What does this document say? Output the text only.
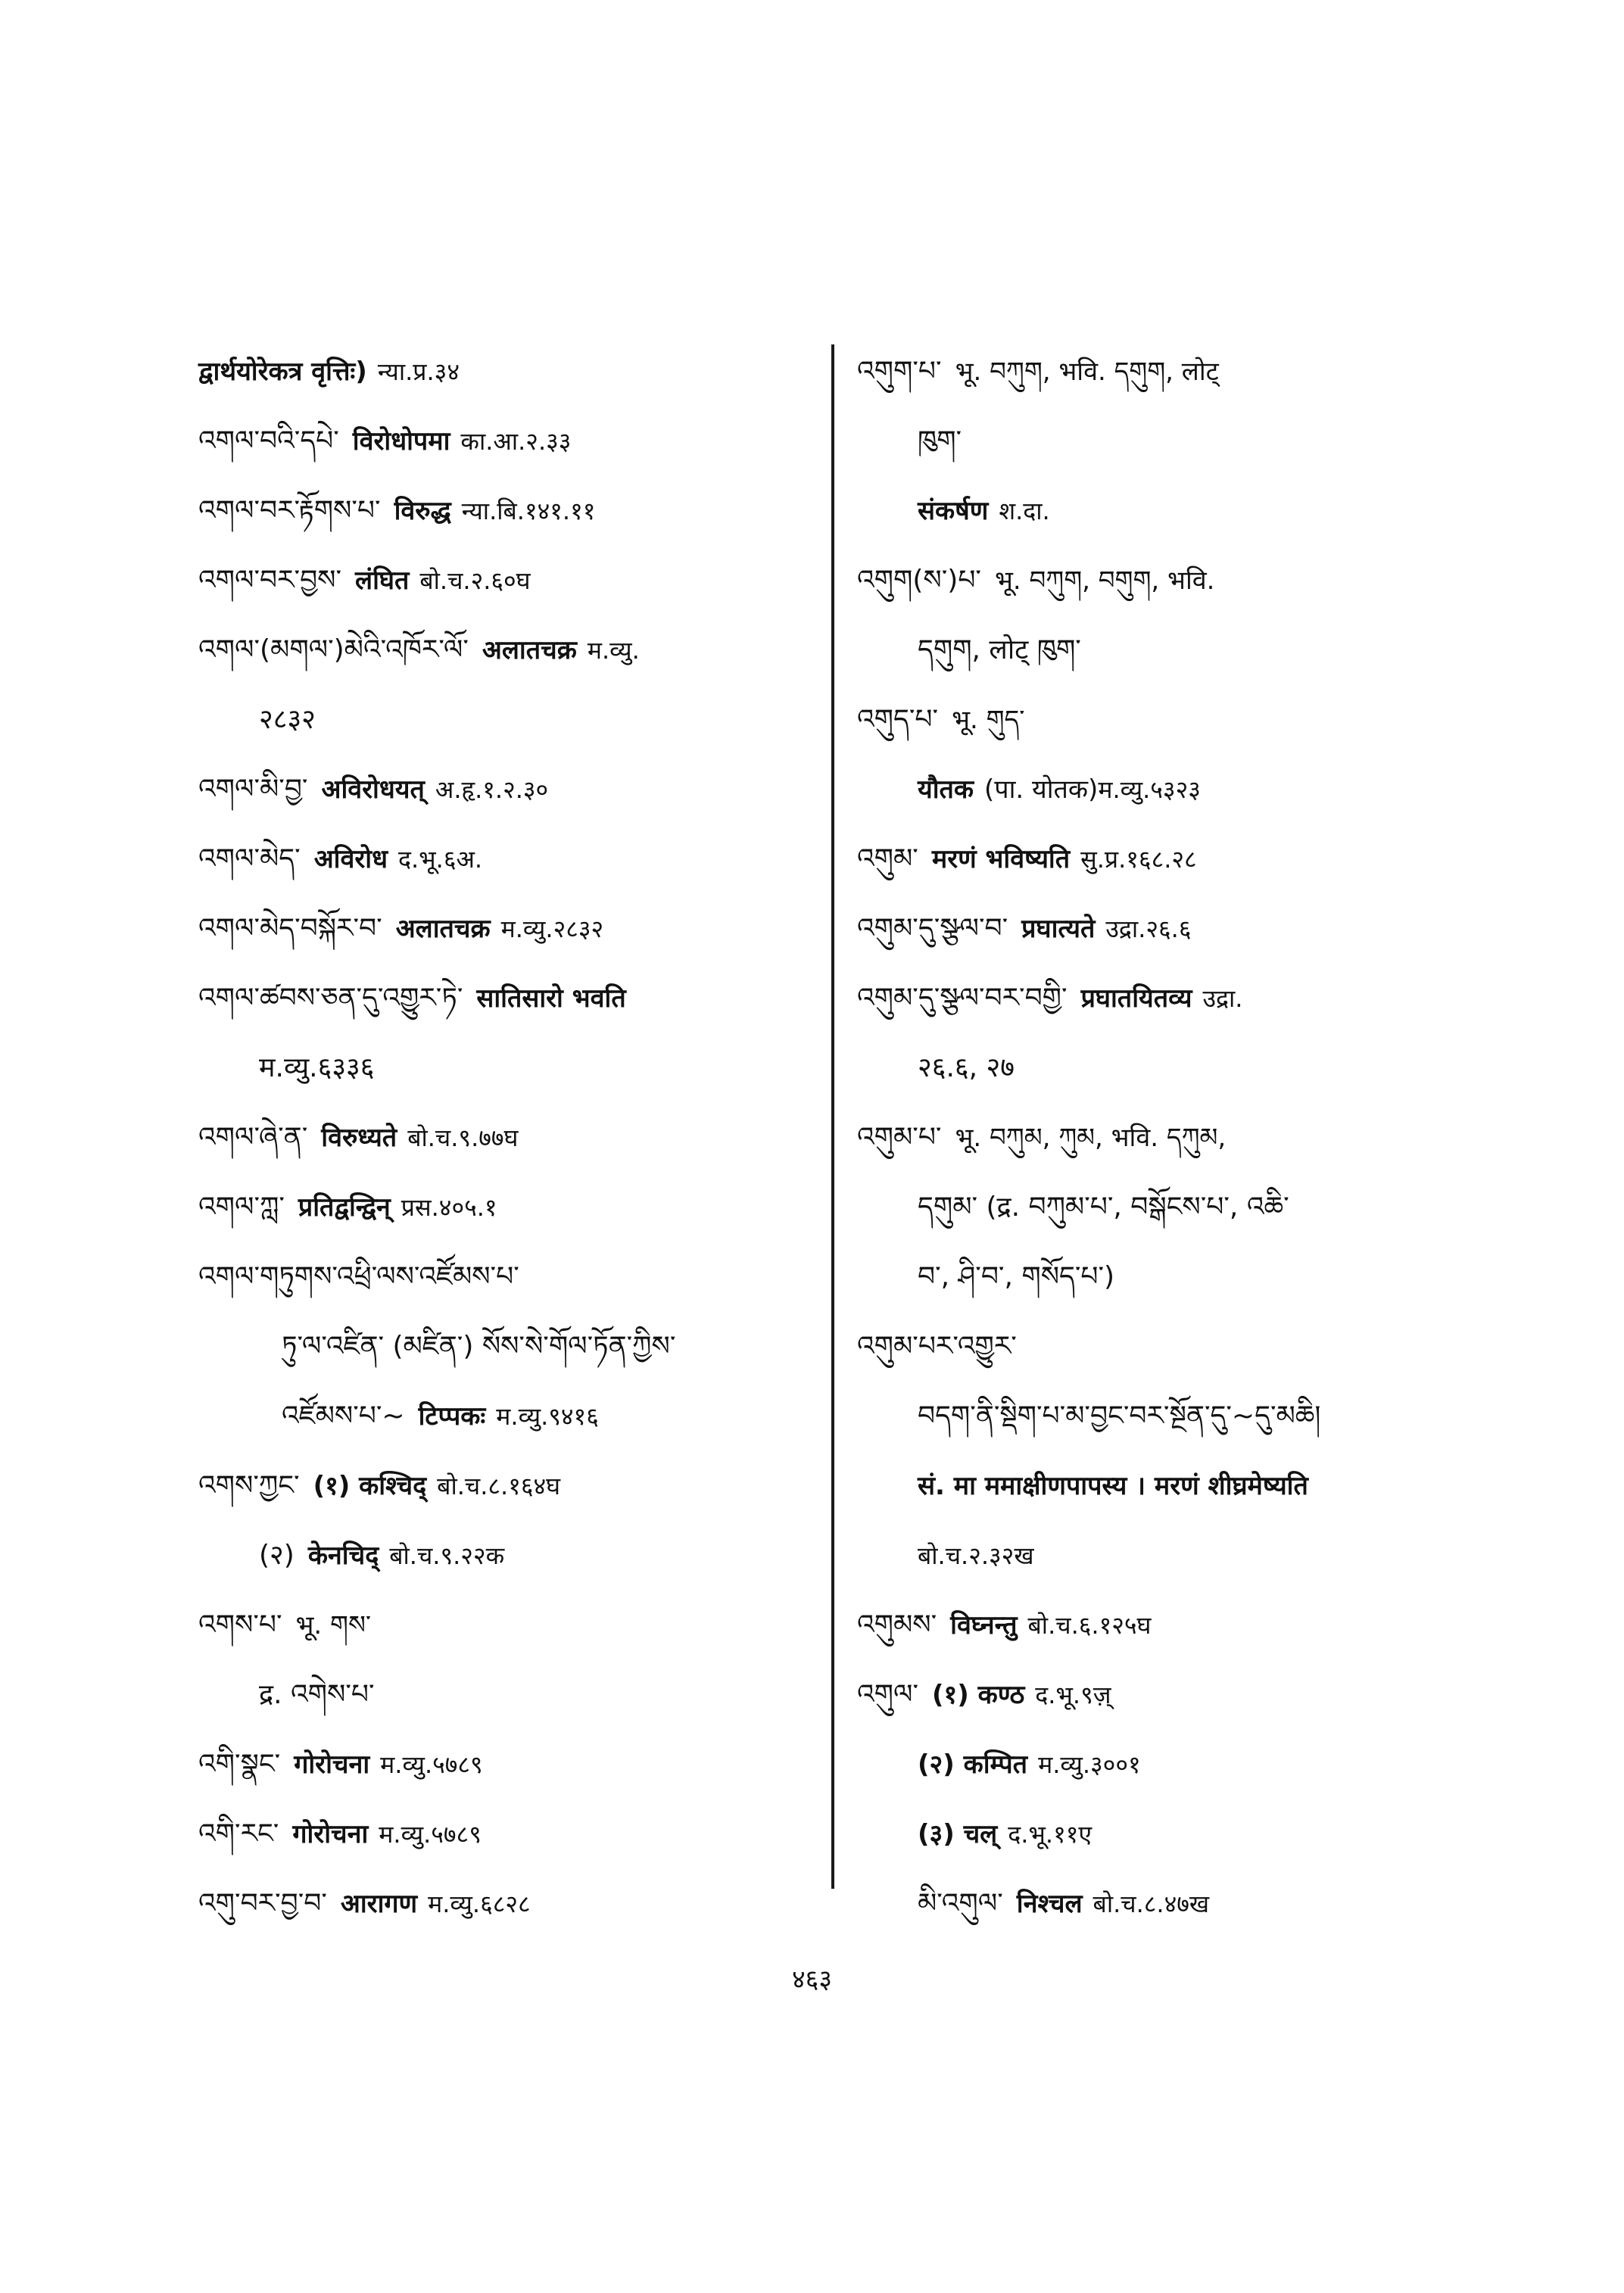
द्वार्थयोरेकत्र वृत्तिः) न्या.प्र.३४
འགལ་བའི་དཔེ་ विरोधोपमा का.आ.२.३३
འགལ་བར་རྟོགས་པ་ विरुद्ध न्या.बि.१४१.११
འགལ་བར་བྱས་ लंघित बो.च.२.६०घ
འགལ་(མགལ་)མེའི་འཁོར་ལོ་ अलातचक्र म.व्यु.
२८३२
འགལ་མི་བྱ་ अविरोधयत् अ.हृ.१.२.३०
འགལ་མེད་ अविरोध द.भू.६अ.
འགལ་མེད་བསྐོར་བ་ अलातचक्र म.व्यु.२८३२
འགལ་ཚབས་ཅན་དུ་འགྱུར་ཏེ་ सातिसारो भवति
म.व्यु.६३३६
འགལ་ཞེ་ན་ विरुध्यते बो.च.९.७७घ
འགལ་ཀླ་ प्रतिद्वन्द्विन् प्रस.४०५.१
འགལ་གཏུགས་འཕྲི་ལས་འཛོམས་པ་
ཏུ་ལ་འཛིན་ (མཛིན་) སོས་སེ་གོལ་ཏོན་ཀྱིས་
འཛོམས་པ་~ टिप्पकः म.व्यु.९४१६
འགས་ཀྱང་ (१) कश्चिद् बो.च.८.१६४घ
(२) केनचिद् बो.च.९.२२क
འགས་པ་ भू. གས་
द्र. འགེས་པ་
འགི་སྣང་ गोरोचना म.व्यु.५७८९
འགི་རང་ गोरोचना म.व्यु.५७८९
འགུ་བར་བྱ་བ་ आरागण म.व्यु.६८२८
འགུག་པ་ भू. བཀུག, भवि. དགུག, लोट्
ཁུག་
संकर्षण श.दा.
འགུག(ས་)པ་ भू. བཀུག, བགུག, भवि.
དགུག, लोट् ཁུག་
འགུད་པ་ भू. གུད་
यौतक (पा. योतक)म.व्यु.५३२३
འགུམ་ मरणं भविष्यति सु.प्र.१६८.२८
འགུམ་དུ་སྩལ་བ་ प्रघात्यते उद्रा.२६.६
འགུམ་དུ་སྩལ་བར་བགྱི་ प्रघातयितव्य उद्रा.
२६.६, २७
འགུམ་པ་ भू. བཀུམ, ཀུམ, भवि. དཀུམ,
དགུམ་ (द्र. བཀུམ་པ་, བསྒོངས་པ་, འཆི་
བ་, ཤི་བ་, གསོད་པ་)
འགུམ་པར་འགྱུར་
བདག་ནི་སྡིག་པ་མ་བྱང་བར་སྔོན་དུ་~དུ་མཆི།
सं. मा ममाक्षीणपापस्य । मरणं शीघ्रमेष्यति
बो.च.२.३२ख
འགུམས་ विघ्नन्तु बो.च.६.१२५घ
འགུལ་ (१) कण्ठ द.भू.९ज़्
(२) कम्पित म.व्यु.३००१
(३) चल् द.भू.११ए
མི་འགུལ་ निश्चल बो.च.८.४७ख
४६३
